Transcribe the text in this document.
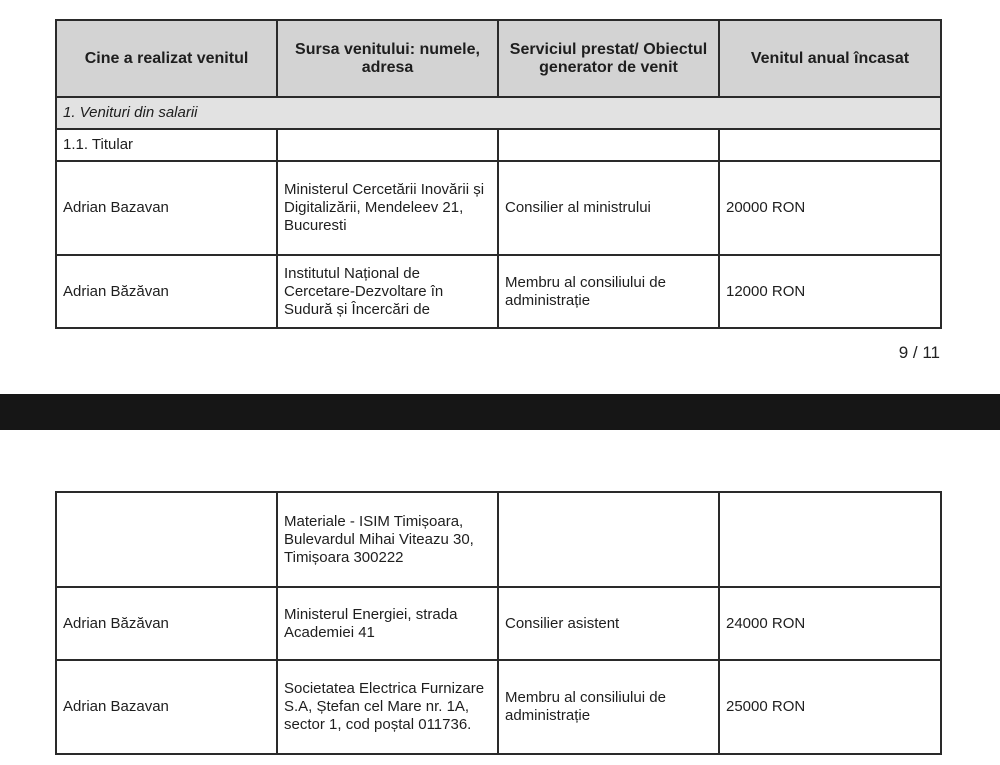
Cine a realizat venitul	Sursa venitului: numele, adresa	Serviciul prestat/ Obiectul generator de venit	Venitul anual încasat
1. Venituri din salarii			
1.1. Titular			
Adrian Bazavan	Ministerul Cercetării Inovării și Digitalizării, Mendeleev 21, Bucuresti	Consilier al ministrului	20000 RON
Adrian Băzăvan	Institutul Național de Cercetare-Dezvoltare în Sudură și Încercări de	Membru al consiliului de administrație	12000 RON
9 / 11
	Materiale - ISIM Timișoara, Bulevardul Mihai Viteazu 30, Timișoara 300222		
Adrian Băzăvan	Ministerul Energiei, strada Academiei 41	Consilier asistent	24000 RON
Adrian Bazavan	Societatea Electrica Furnizare S.A, Ștefan cel Mare nr. 1A, sector 1, cod poștal 011736.	Membru al consiliului de administrație	25000 RON
